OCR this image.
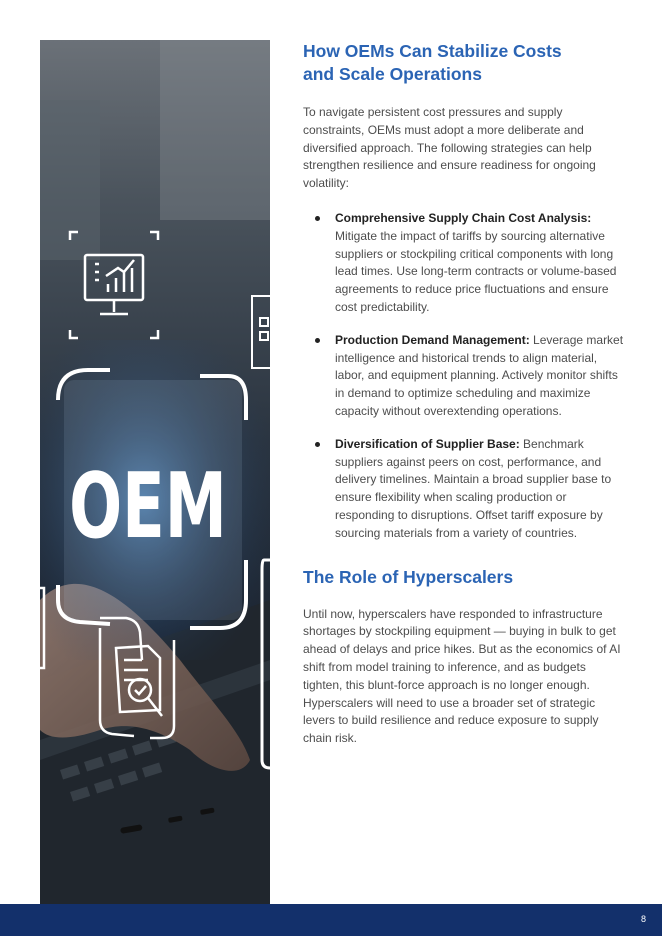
OEM
How OEMs Can Stabilize Costs
and Scale Operations

To navigate persistent cost pressures and supply constraints, OEMs must adopt a more deliberate and diversified approach. The following strategies can help strengthen resilience and ensure readiness for ongoing volatility:

Comprehensive Supply Chain Cost Analysis: Mitigate the impact of tariffs by sourcing alternative suppliers or stockpiling critical components with long lead times. Use long-term contracts or volume-based agreements to reduce price fluctuations and ensure cost predictability.
Production Demand Management: Leverage market intelligence and historical trends to align material, labor, and equipment planning. Actively monitor shifts in demand to optimize scheduling and maximize capacity without overextending operations.
Diversification of Supplier Base: Benchmark suppliers against peers on cost, performance, and delivery timelines. Maintain a broad supplier base to ensure flexibility when scaling production or responding to disruptions. Offset tariff exposure by sourcing materials from a variety of countries.
The Role of Hyperscalers

Until now, hyperscalers have responded to infrastructure shortages by stockpiling equipment — buying in bulk to get ahead of delays and price hikes. But as the economics of AI shift from model training to inference, and as budgets tighten, this blunt-force approach is no longer enough. Hyperscalers will need to use a broader set of strategic levers to build resilience and reduce exposure to supply chain risk.

8
